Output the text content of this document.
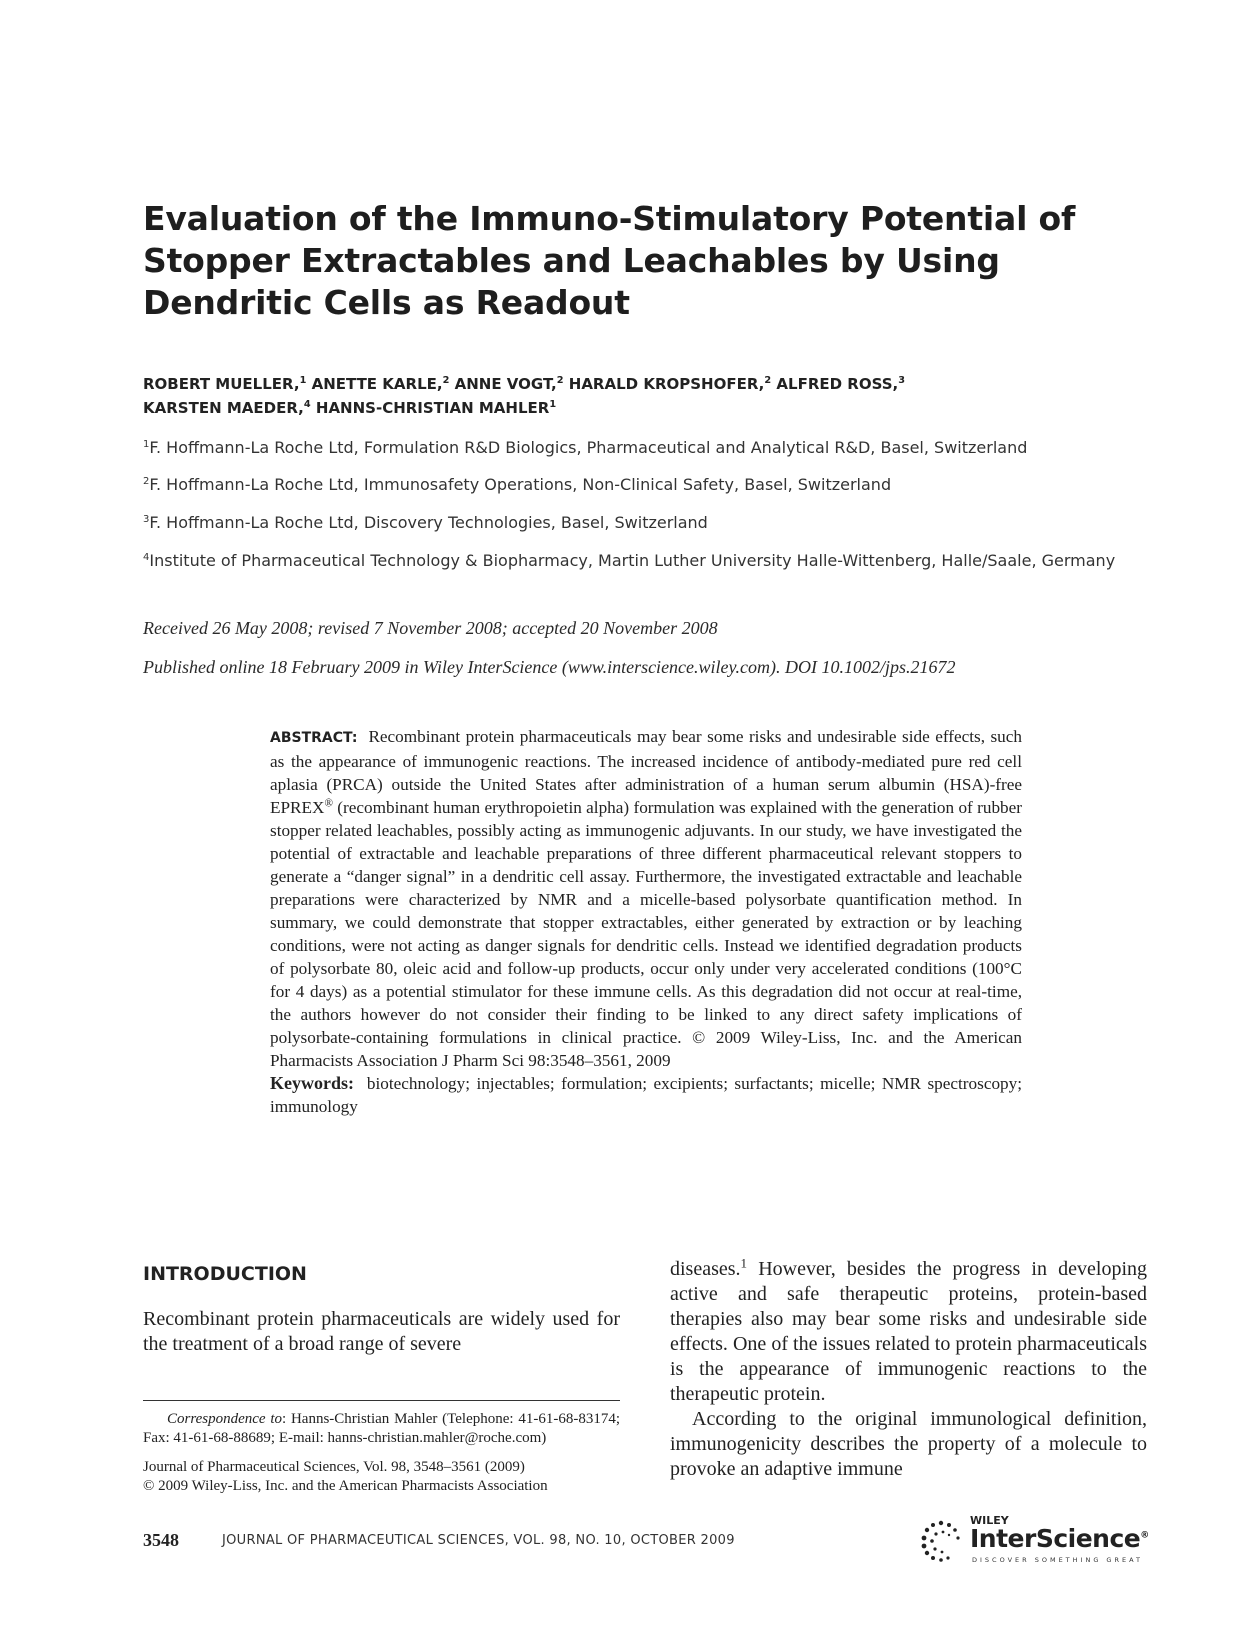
Evaluation of the Immuno-Stimulatory Potential of
Stopper Extractables and Leachables by Using
Dendritic Cells as Readout
ROBERT MUELLER,$^1$ ANETTE KARLE,$^2$ ANNE VOGT,$^2$ HARALD KROPSHOFER,$^2$ ALFRED ROSS,$^3$
KARSTEN MAEDER,$^4$ HANNS-CHRISTIAN MAHLER$^1$
$^1$F. Hoffmann-La Roche Ltd, Formulation R&D Biologics, Pharmaceutical and Analytical R&D, Basel, Switzerland
$^2$F. Hoffmann-La Roche Ltd, Immunosafety Operations, Non-Clinical Safety, Basel, Switzerland
$^3$F. Hoffmann-La Roche Ltd, Discovery Technologies, Basel, Switzerland
$^4$Institute of Pharmaceutical Technology & Biopharmacy, Martin Luther University Halle-Wittenberg, Halle/Saale, Germany
Received 26 May 2008; revised 7 November 2008; accepted 20 November 2008
Published online 18 February 2009 in Wiley InterScience (www.interscience.wiley.com). DOI 10.1002/jps.21672
ABSTRACT: Recombinant protein pharmaceuticals may bear some risks and undesirable side effects, such as the appearance of immunogenic reactions. The increased incidence of antibody-mediated pure red cell aplasia (PRCA) outside the United States after administration of a human serum albumin (HSA)-free EPREX® (recombinant human erythropoietin alpha) formulation was explained with the generation of rubber stopper related leachables, possibly acting as immunogenic adjuvants. In our study, we have investigated the potential of extractable and leachable preparations of three different pharmaceutical relevant stoppers to generate a “danger signal” in a dendritic cell assay. Furthermore, the investigated extractable and leachable preparations were characterized by NMR and a micelle-based polysorbate quantification method. In summary, we could demonstrate that stopper extractables, either generated by extraction or by leaching conditions, were not acting as danger signals for dendritic cells. Instead we identified degradation products of polysorbate 80, oleic acid and follow-up products, occur only under very accelerated conditions (100°C for 4 days) as a potential stimulator for these immune cells. As this degradation did not occur at real-time, the authors however do not consider their finding to be linked to any direct safety implications of polysorbate-containing formulations in clinical practice. © 2009 Wiley-Liss, Inc. and the American Pharmacists Association J Pharm Sci 98:3548–3561, 2009
Keywords: biotechnology; injectables; formulation; excipients; surfactants; micelle; NMR spectroscopy; immunology
INTRODUCTION
Recombinant protein pharmaceuticals are widely used for the treatment of a broad range of severe

diseases.$^1$ However, besides the progress in developing active and safe therapeutic proteins, protein-based therapies also may bear some risks and undesirable side effects. One of the issues related to protein pharmaceuticals is the appearance of immunogenic reactions to the therapeutic protein.

According to the original immunological definition, immunogenicity describes the property of a molecule to provoke an adaptive immune

Correspondence to: Hanns-Christian Mahler (Telephone: 41-61-68-83174; Fax: 41-61-68-88689; E-mail: hanns-christian.mahler@roche.com)
Journal of Pharmaceutical Sciences, Vol. 98, 3548–3561 (2009)
© 2009 Wiley-Liss, Inc. and the American Pharmacists Association
3548	JOURNAL OF PHARMACEUTICAL SCIENCES, VOL. 98, NO. 10, OCTOBER 2009
WILEY
InterScience®
DISCOVER SOMETHING GREAT
